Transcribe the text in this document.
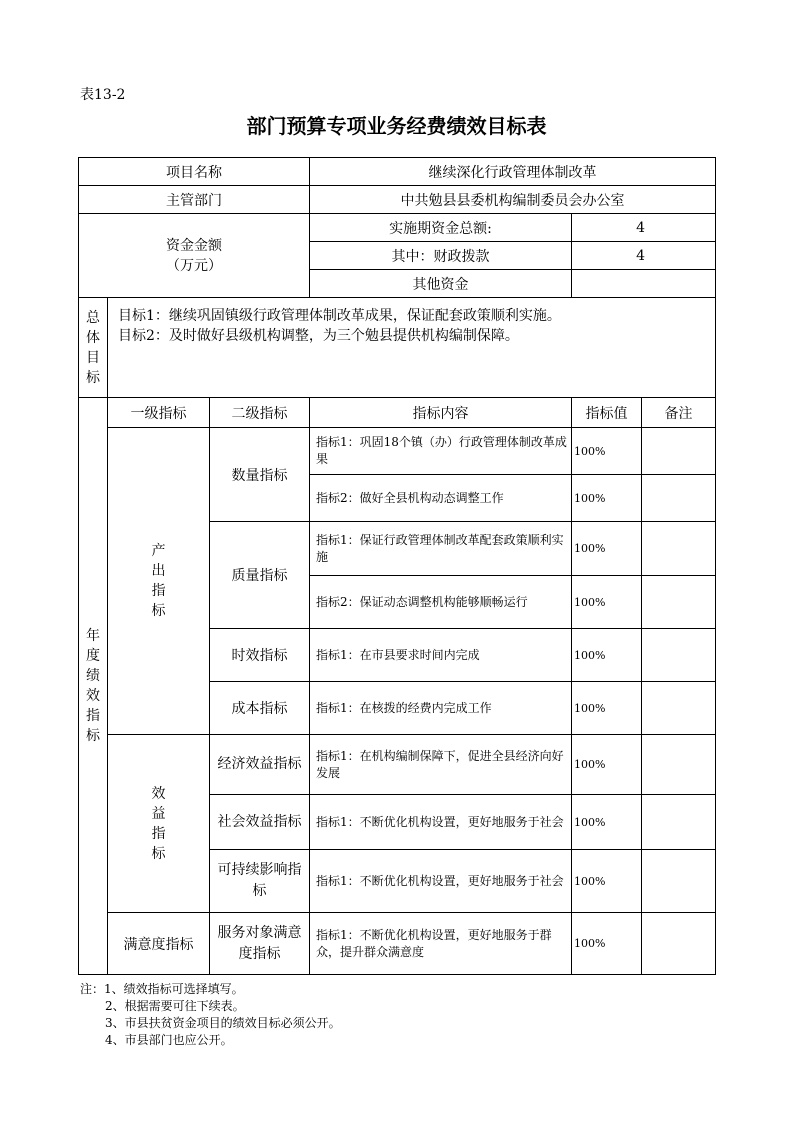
表13-2
部门预算专项业务经费绩效目标表
项目名称			继续深化行政管理体制改革		
主管部门			中共勉县县委机构编制委员会办公室		

资金金额
（万元）			实施期资金总额:	4	
			其中：财政拨款	4	
			其他资金		
总体目标	目标1：继续巩固镇级行政管理体制改革成果，保证配套政策顺利实施。
目标2：及时做好县级机构调整，为三个勉县提供机构编制保障。				

年度绩效指标	一级指标	二级指标	指标内容	指标值	备注
	产出指标	数量指标	指标1：巩固18个镇（办）行政管理体制改革成果	100%	
			指标2：做好全县机构动态调整工作	100%	
		质量指标	指标1：保证行政管理体制改革配套政策顺利实施	100%	
			指标2：保证动态调整机构能够顺畅运行	100%	
		时效指标	指标1：在市县要求时间内完成	100%	
		成本指标	指标1：在核拨的经费内完成工作	100%	
	效益指标	经济效益指标	指标1：在机构编制保障下，促进全县经济向好发展	100%	
		社会效益指标	指标1：不断优化机构设置，更好地服务于社会	100%	
		可持续影响指标	指标1：不断优化机构设置，更好地服务于社会	100%	
	满意度指标	服务对象满意度指标	指标1：不断优化机构设置，更好地服务于群众，提升群众满意度	100%	
注：1、绩效指标可选择填写。
2、根据需要可往下续表。
3、市县扶贫资金项目的绩效目标必须公开。
4、市县部门也应公开。
